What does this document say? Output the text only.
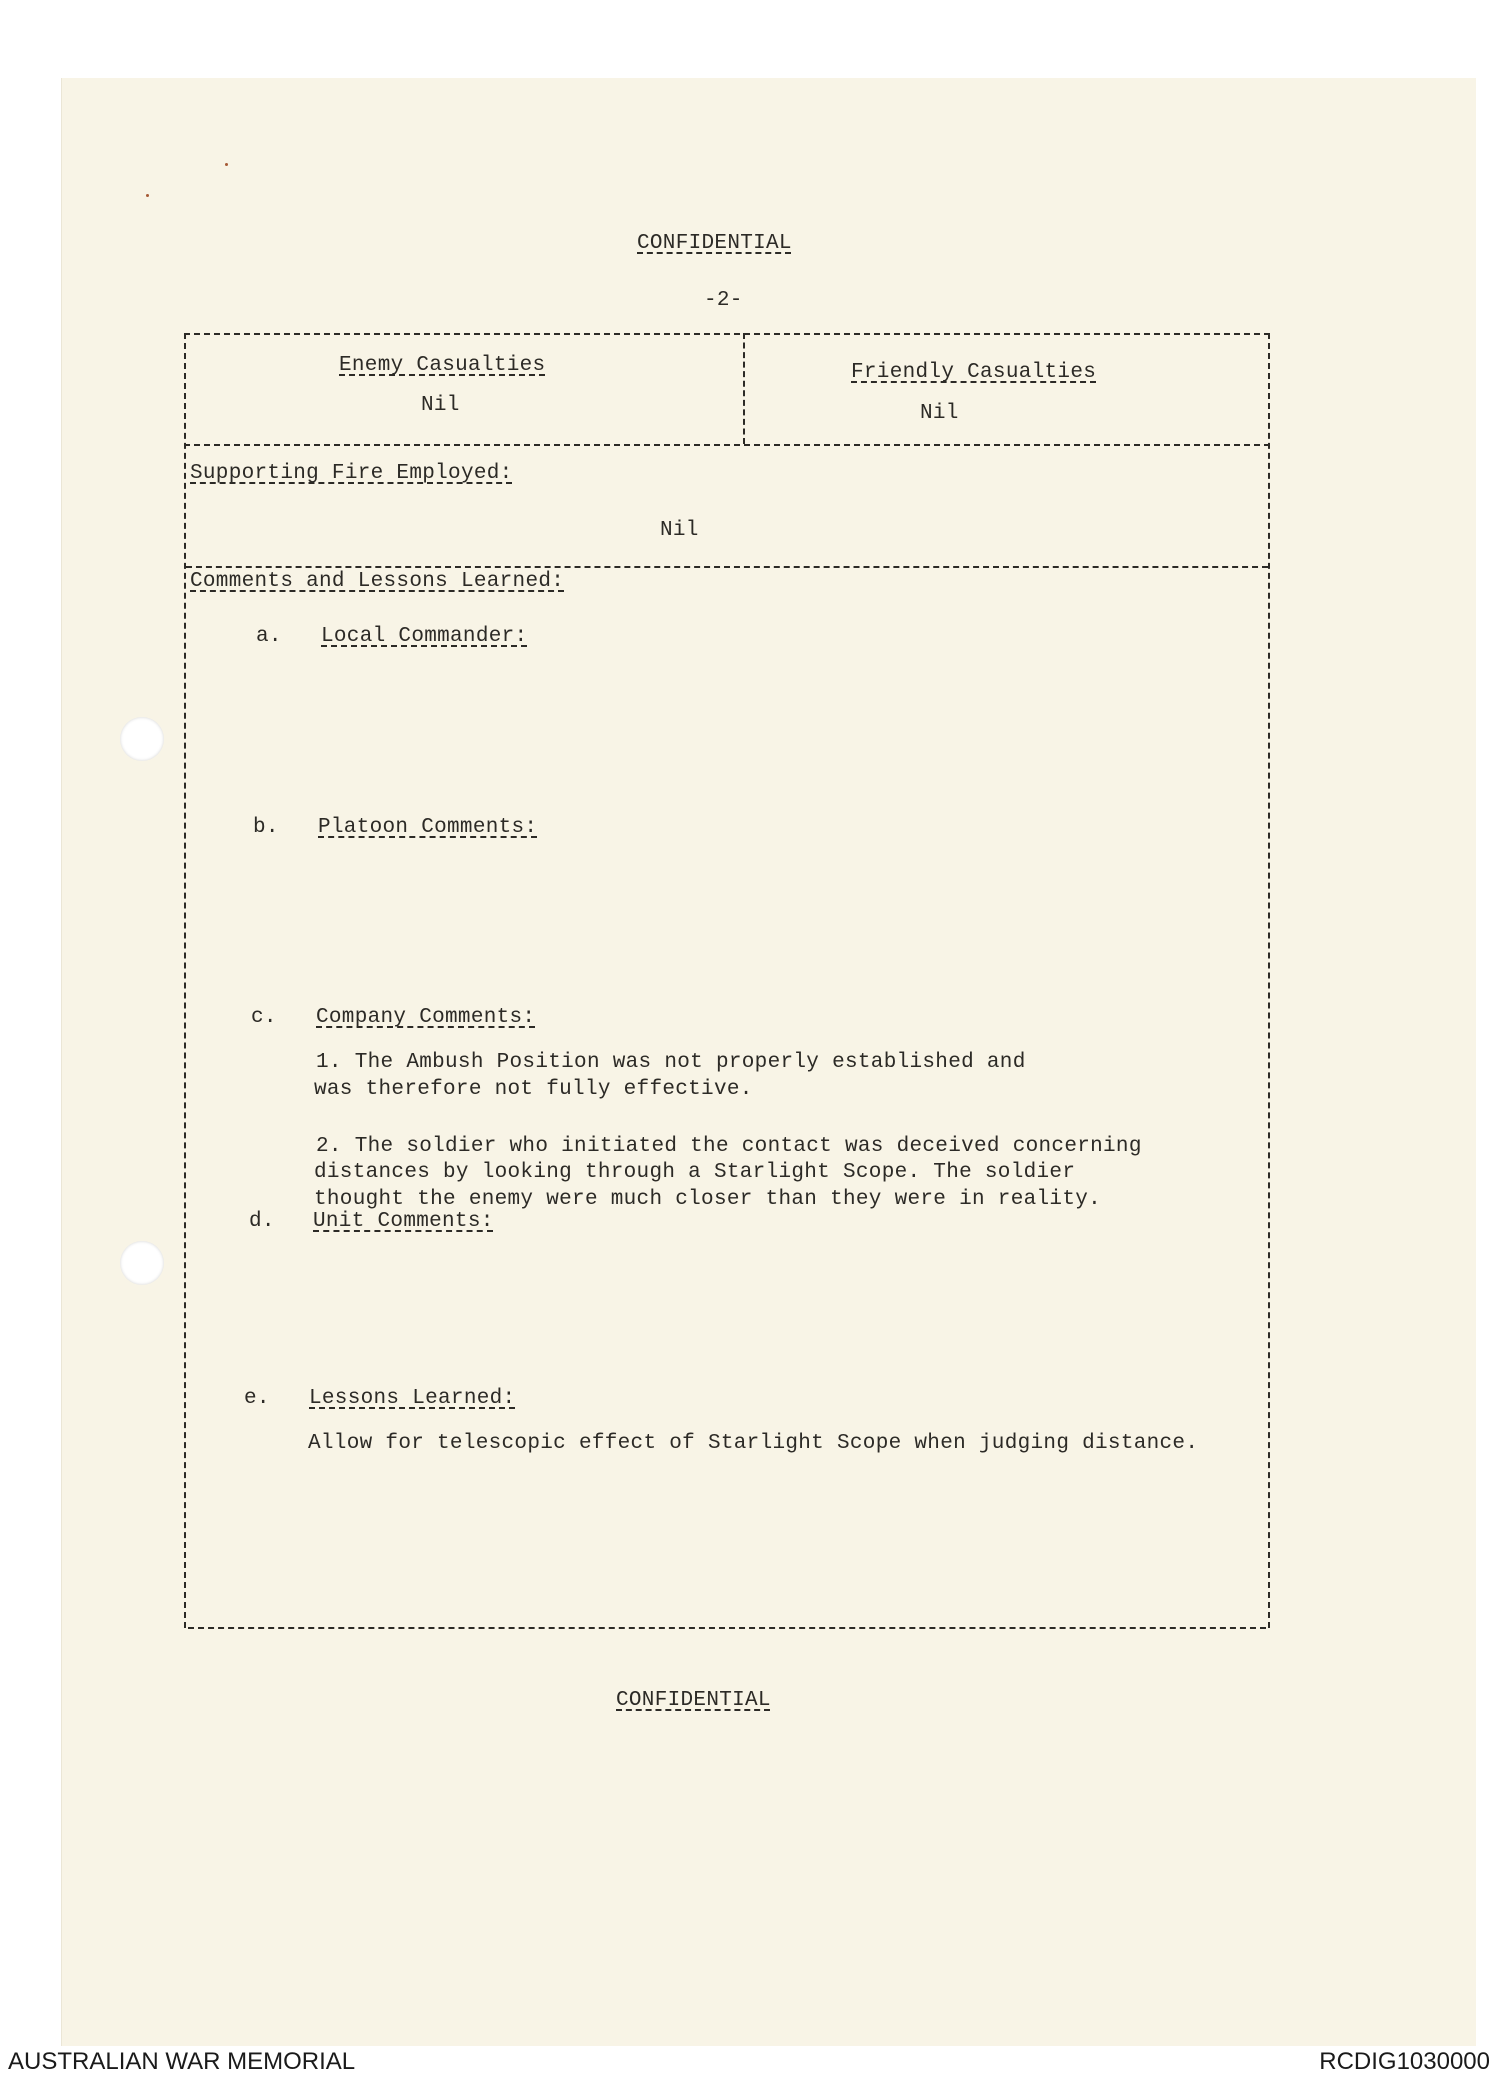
CONFIDENTIAL
-2-
Enemy Casualties
Nil
Friendly Casualties
Nil
Supporting Fire Employed:
Nil
Comments and Lessons Learned:
a. Local Commander:
b. Platoon Comments:
c. Company Comments:
1. The Ambush Position was not properly established and
was therefore not fully effective.
2. The soldier who initiated the contact was deceived concerning
distances by looking through a Starlight Scope. The soldier
thought the enemy were much closer than they were in reality.
d. Unit Comments:
e. Lessons Learned:
Allow for telescopic effect of Starlight Scope when judging distance.
CONFIDENTIAL
AUSTRALIAN WAR MEMORIAL	RCDIG1030000
